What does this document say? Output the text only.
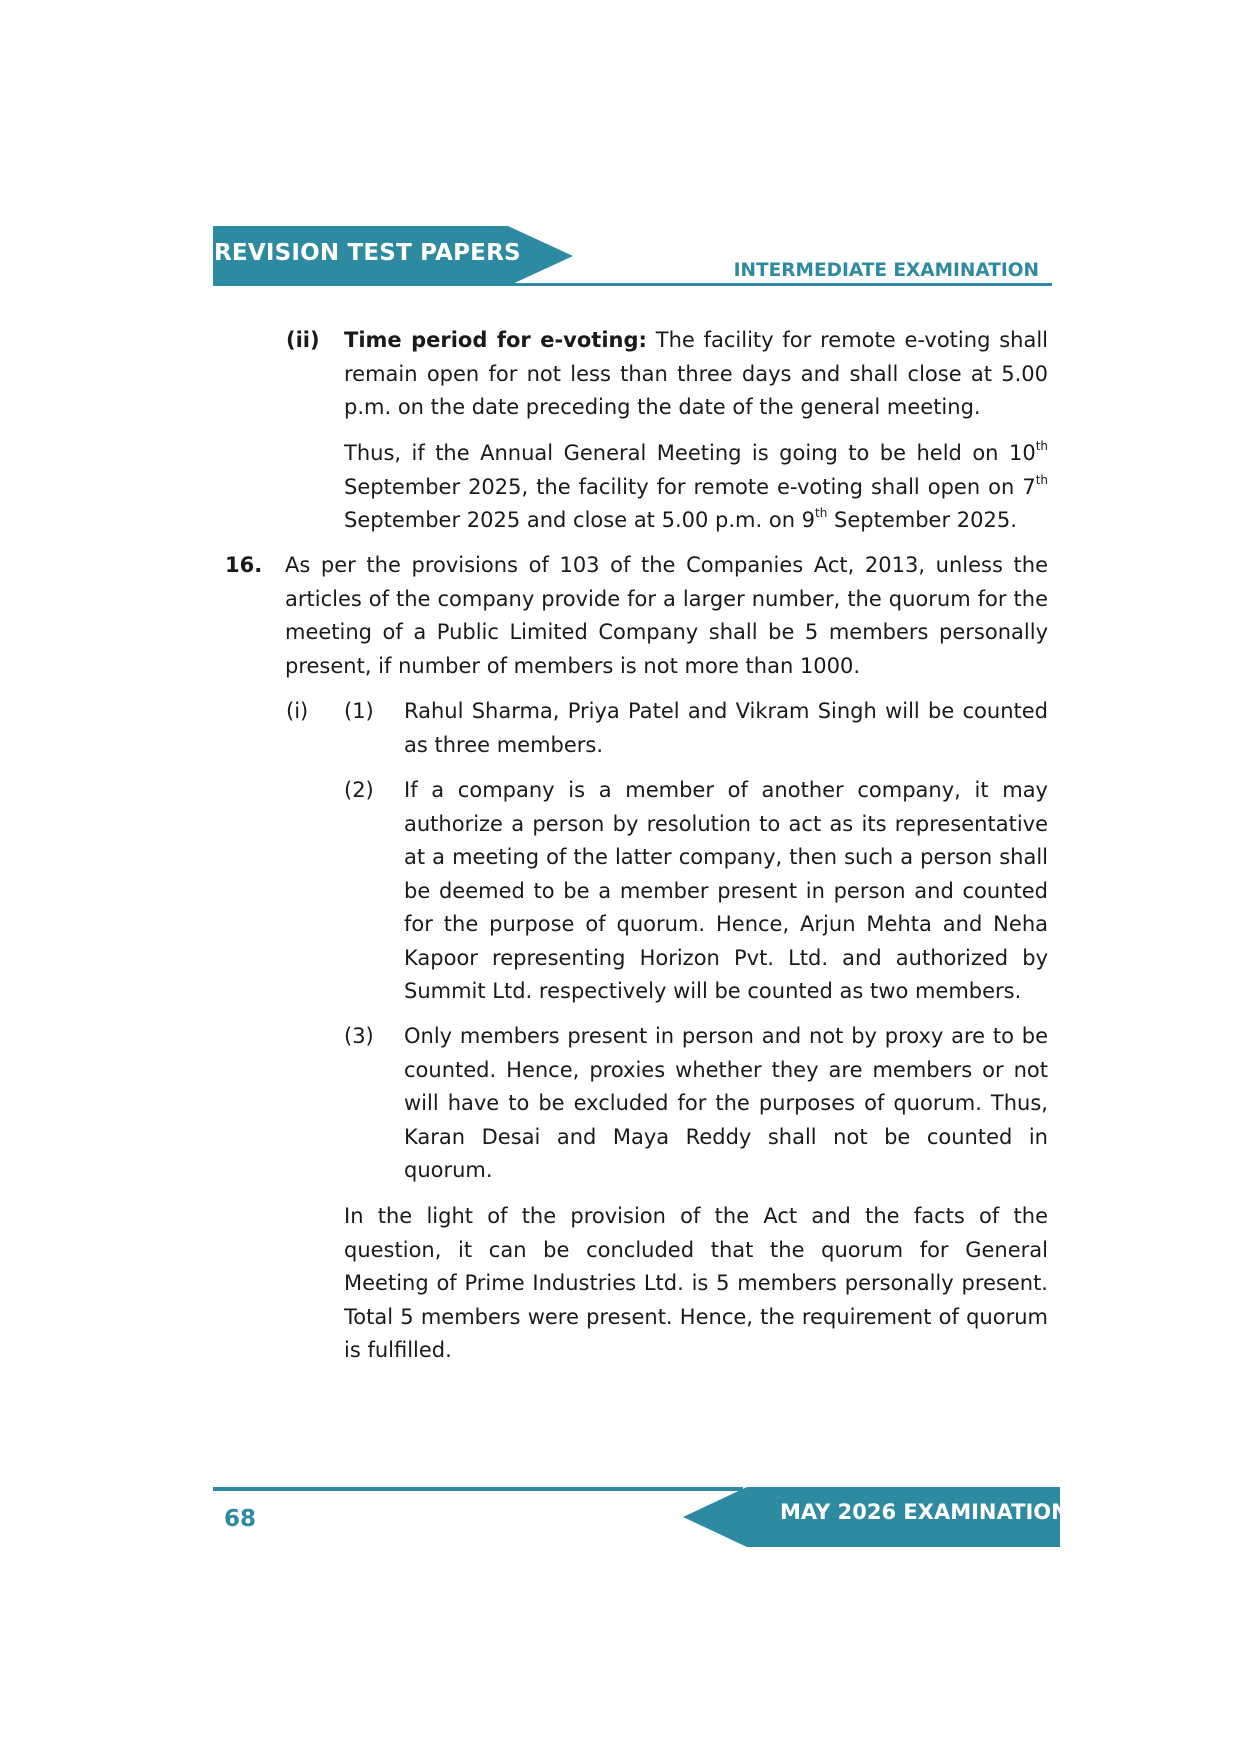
REVISION TEST PAPERS
INTERMEDIATE EXAMINATION
(ii) Time period for e-voting: The facility for remote e-voting shall remain open for not less than three days and shall close at 5.00 p.m. on the date preceding the date of the general meeting.
Thus, if the Annual General Meeting is going to be held on 10th September 2025, the facility for remote e-voting shall open on 7th September 2025 and close at 5.00 p.m. on 9th September 2025.
16. As per the provisions of 103 of the Companies Act, 2013, unless the articles of the company provide for a larger number, the quorum for the meeting of a Public Limited Company shall be 5 members personally present, if number of members is not more than 1000.
(i) (1) Rahul Sharma, Priya Patel and Vikram Singh will be counted as three members.
(2) If a company is a member of another company, it may authorize a person by resolution to act as its representative at a meeting of the latter company, then such a person shall be deemed to be a member present in person and counted for the purpose of quorum. Hence, Arjun Mehta and Neha Kapoor representing Horizon Pvt. Ltd. and authorized by Summit Ltd. respectively will be counted as two members.
(3) Only members present in person and not by proxy are to be counted. Hence, proxies whether they are members or not will have to be excluded for the purposes of quorum. Thus, Karan Desai and Maya Reddy shall not be counted in quorum.
In the light of the provision of the Act and the facts of the question, it can be concluded that the quorum for General Meeting of Prime Industries Ltd. is 5 members personally present. Total 5 members were present. Hence, the requirement of quorum is fulfilled.
MAY 2026 EXAMINATION
68
